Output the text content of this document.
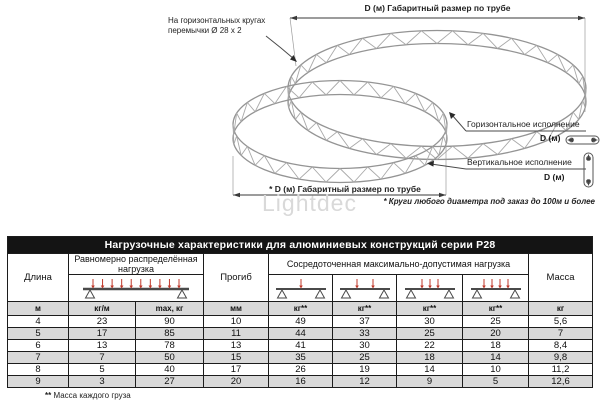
На горизонтальных кругах
перемычки Ø 28 х 2
D (м) Габаритный размер по трубе
* D (м) Габаритный размер по трубе
Горизонтальное исполнение
D (м)
Вертикальное исполнение
D (м)
* Круги любого диаметра под заказ до 100м и более
Lightdec
Нагрузочные характеристики для алюминиевых конструкций серии Р28
Длина
Равномерно распределённая нагрузка
Прогиб
Сосредоточенная максимально-допустимая нагрузка
Масса
м	кг/м	max, кг	мм	кг**	кг**	кг**	кг**	кг
4	23	90	10	49	37	30	25	5,6
5	17	85	11	44	33	25	20	7
6	13	78	13	41	30	22	18	8,4
7	7	50	15	35	25	18	14	9,8
8	5	40	17	26	19	14	10	11,2
9	3	27	20	16	12	9	5	12,6
** Масса каждого груза
